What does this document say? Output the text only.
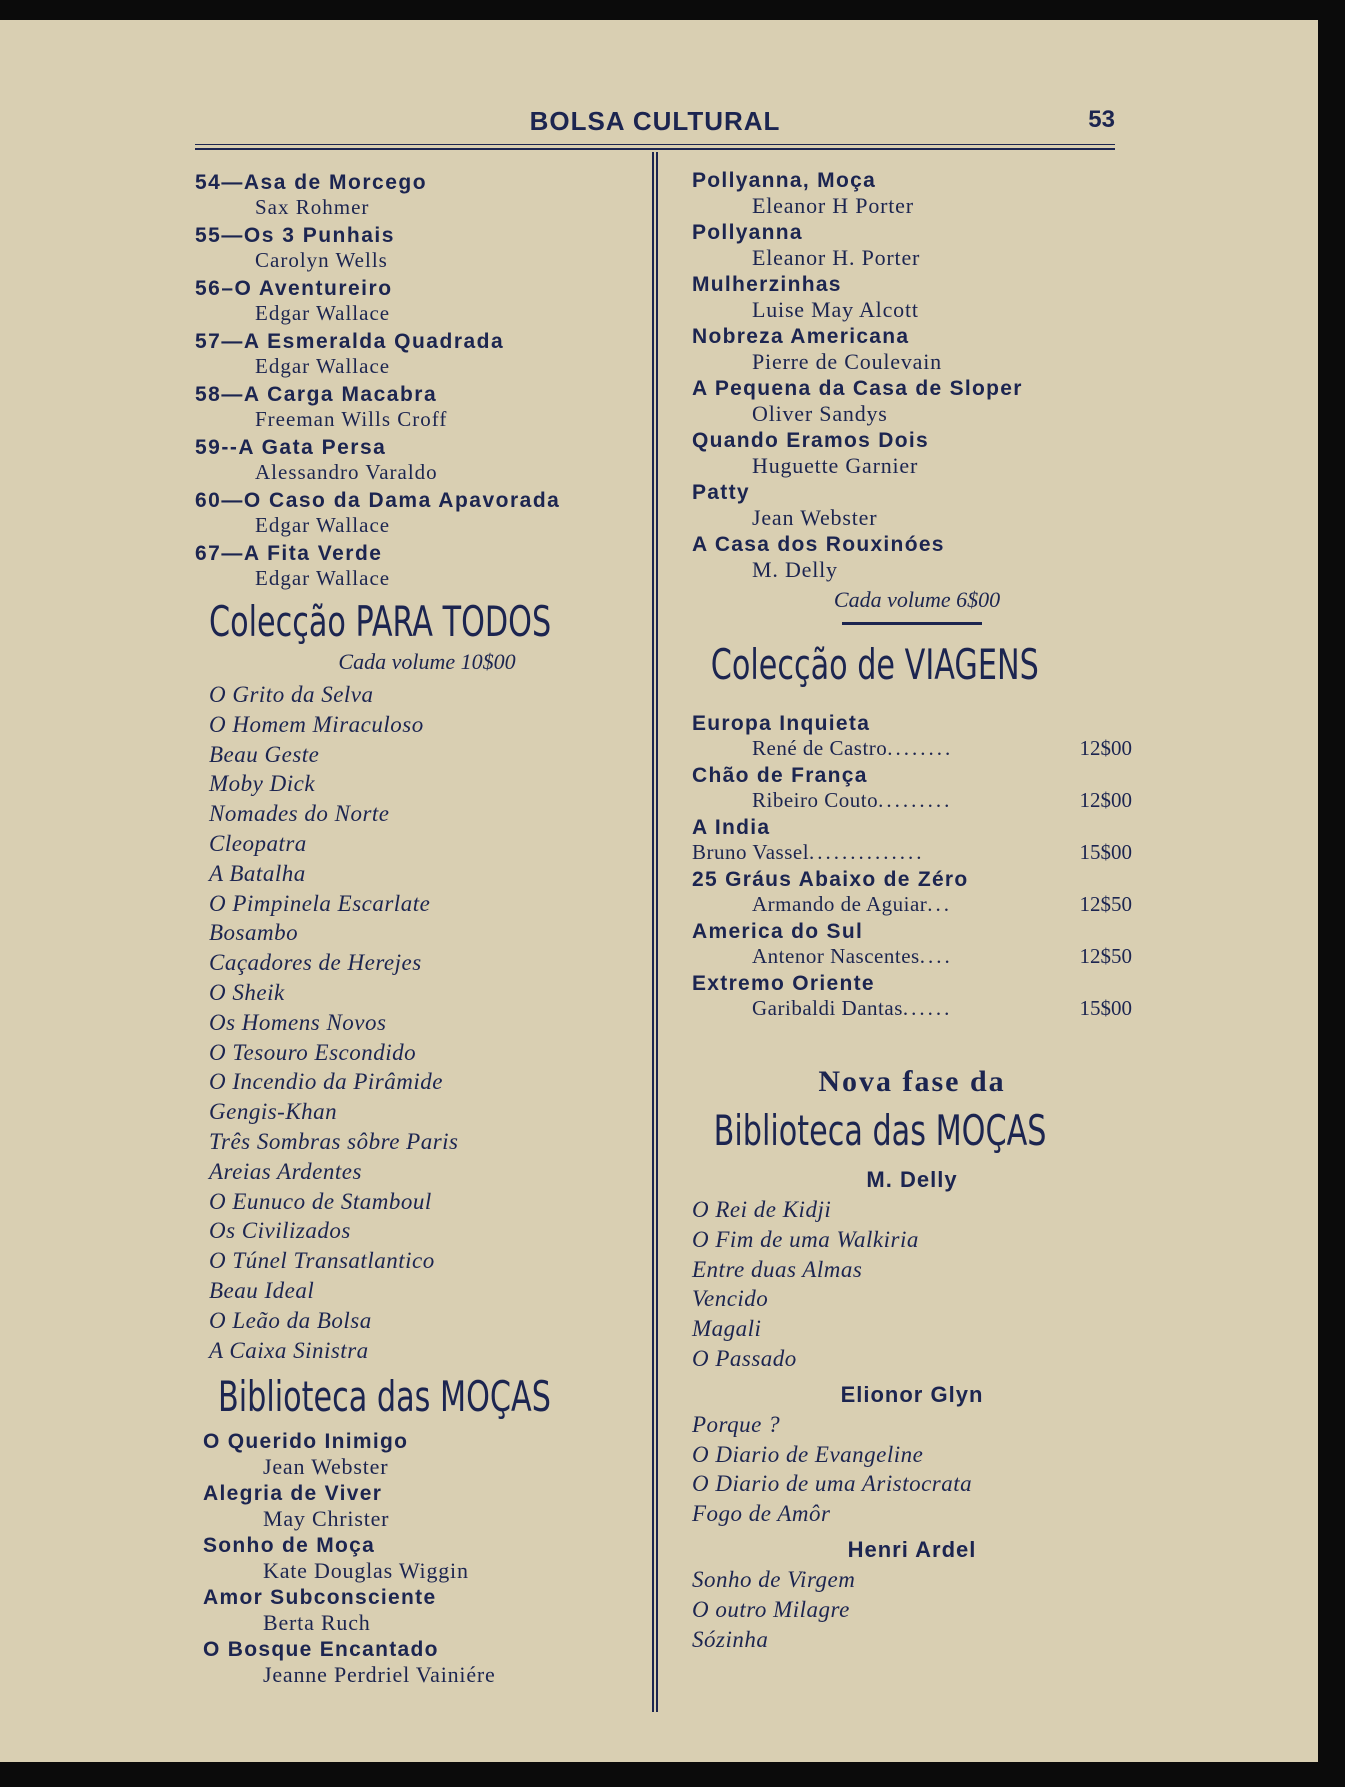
BOLSA CULTURAL	53
54—Asa de Morcego
Sax Rohmer
55—Os 3 Punhais
Carolyn Wells
56–O Aventureiro
Edgar Wallace
57—A Esmeralda Quadrada
Edgar Wallace
58—A Carga Macabra
Freeman Wills Croff
59--A Gata Persa
Alessandro Varaldo
60—O Caso da Dama Apavorada
Edgar Wallace
67—A Fita Verde
Edgar Wallace
Colecção PARA TODOS
Cada volume 10$00
O Grito da Selva
O Homem Miraculoso
Beau Geste
Moby Dick
Nomades do Norte
Cleopatra
A Batalha
O Pimpinela Escarlate
Bosambo
Caçadores de Herejes
O Sheik
Os Homens Novos
O Tesouro Escondido
O Incendio da Pirâmide
Gengis-Khan
Três Sombras sôbre Paris
Areias Ardentes
O Eunuco de Stamboul
Os Civilizados
O Túnel Transatlantico
Beau Ideal
O Leão da Bolsa
A Caixa Sinistra
Biblioteca das MOÇAS
O Querido Inimigo
Jean Webster
Alegria de Viver
May Christer
Sonho de Moça
Kate Douglas Wiggin
Amor Subconsciente
Berta Ruch
O Bosque Encantado
Jeanne Perdriel Vainiére
Pollyanna, Moça
Eleanor H Porter
Pollyanna
Eleanor H. Porter
Mulherzinhas
Luise May Alcott
Nobreza Americana
Pierre de Coulevain
A Pequena da Casa de Sloper
Oliver Sandys
Quando Eramos Dois
Huguette Garnier
Patty
Jean Webster
A Casa dos Rouxinóes
M. Delly
Cada volume 6$00
Colecção de VIAGENS
Europa Inquieta
René de Castro ........	12$00
Chão de França
Ribeiro Couto .........	12$00
A India
Bruno Vassel ..............	15$00
25 Gráus Abaixo de Zéro
Armando de Aguiar ...	12$50
America do Sul
Antenor Nascentes ....	12$50
Extremo Oriente
Garibaldi Dantas ......	15$00
Nova fase da
Biblioteca das MOÇAS
M. Delly
O Rei de Kidji
O Fim de uma Walkiria
Entre duas Almas
Vencido
Magali
O Passado
Elionor Glyn
Porque ?
O Diario de Evangeline
O Diario de uma Aristocrata
Fogo de Amôr
Henri Ardel
Sonho de Virgem
O outro Milagre
Sózinha
